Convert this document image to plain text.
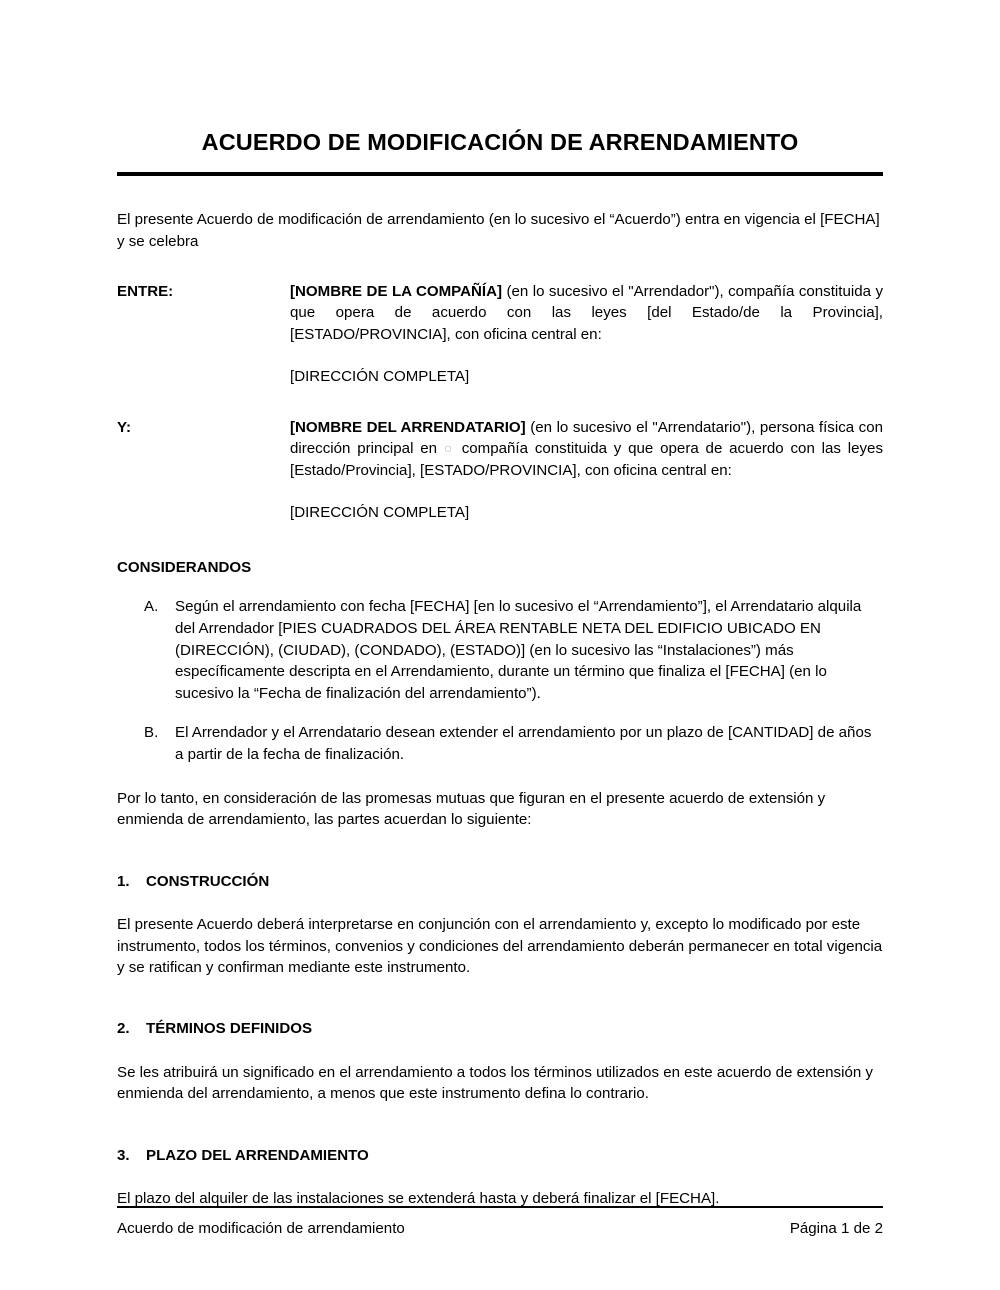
ACUERDO DE MODIFICACIÓN DE ARRENDAMIENTO

El presente Acuerdo de modificación de arrendamiento (en lo sucesivo el “Acuerdo”) entra en vigencia el [FECHA] y se celebra

ENTRE:	[NOMBRE DE LA COMPAÑÍA] (en lo sucesivo el "Arrendador"), compañía constituida y que opera de acuerdo con las leyes [del Estado/de la Provincia], [ESTADO/PROVINCIA], con oficina central en:

[DIRECCIÓN COMPLETA]

Y:	[NOMBRE DEL ARRENDATARIO] (en lo sucesivo el "Arrendatario"), persona física con dirección principal en ○ compañía constituida y que opera de acuerdo con las leyes [Estado/Provincia], [ESTADO/PROVINCIA], con oficina central en:

[DIRECCIÓN COMPLETA]

CONSIDERANDOS
A.	Según el arrendamiento con fecha [FECHA] [en lo sucesivo el “Arrendamiento”], el Arrendatario alquila del Arrendador [PIES CUADRADOS DEL ÁREA RENTABLE NETA DEL EDIFICIO UBICADO EN (DIRECCIÓN), (CIUDAD), (CONDADO), (ESTADO)] (en lo sucesivo las “Instalaciones”) más específicamente descripta en el Arrendamiento, durante un término que finaliza el [FECHA] (en lo sucesivo la “Fecha de finalización del arrendamiento”).
B.	El Arrendador y el Arrendatario desean extender el arrendamiento por un plazo de [CANTIDAD] de años a partir de la fecha de finalización.

Por lo tanto, en consideración de las promesas mutuas que figuran en el presente acuerdo de extensión y enmienda de arrendamiento, las partes acuerdan lo siguiente:

1.	CONSTRUCCIÓN

El presente Acuerdo deberá interpretarse en conjunción con el arrendamiento y, excepto lo modificado por este instrumento, todos los términos, convenios y condiciones del arrendamiento deberán permanecer en total vigencia y se ratifican y confirman mediante este instrumento.

2.	TÉRMINOS DEFINIDOS

Se les atribuirá un significado en el arrendamiento a todos los términos utilizados en este acuerdo de extensión y enmienda del arrendamiento, a menos que este instrumento defina lo contrario.

3.	PLAZO DEL ARRENDAMIENTO

El plazo del alquiler de las instalaciones se extenderá hasta y deberá finalizar el [FECHA].

Acuerdo de modificación de arrendamiento	Página 1 de 2
